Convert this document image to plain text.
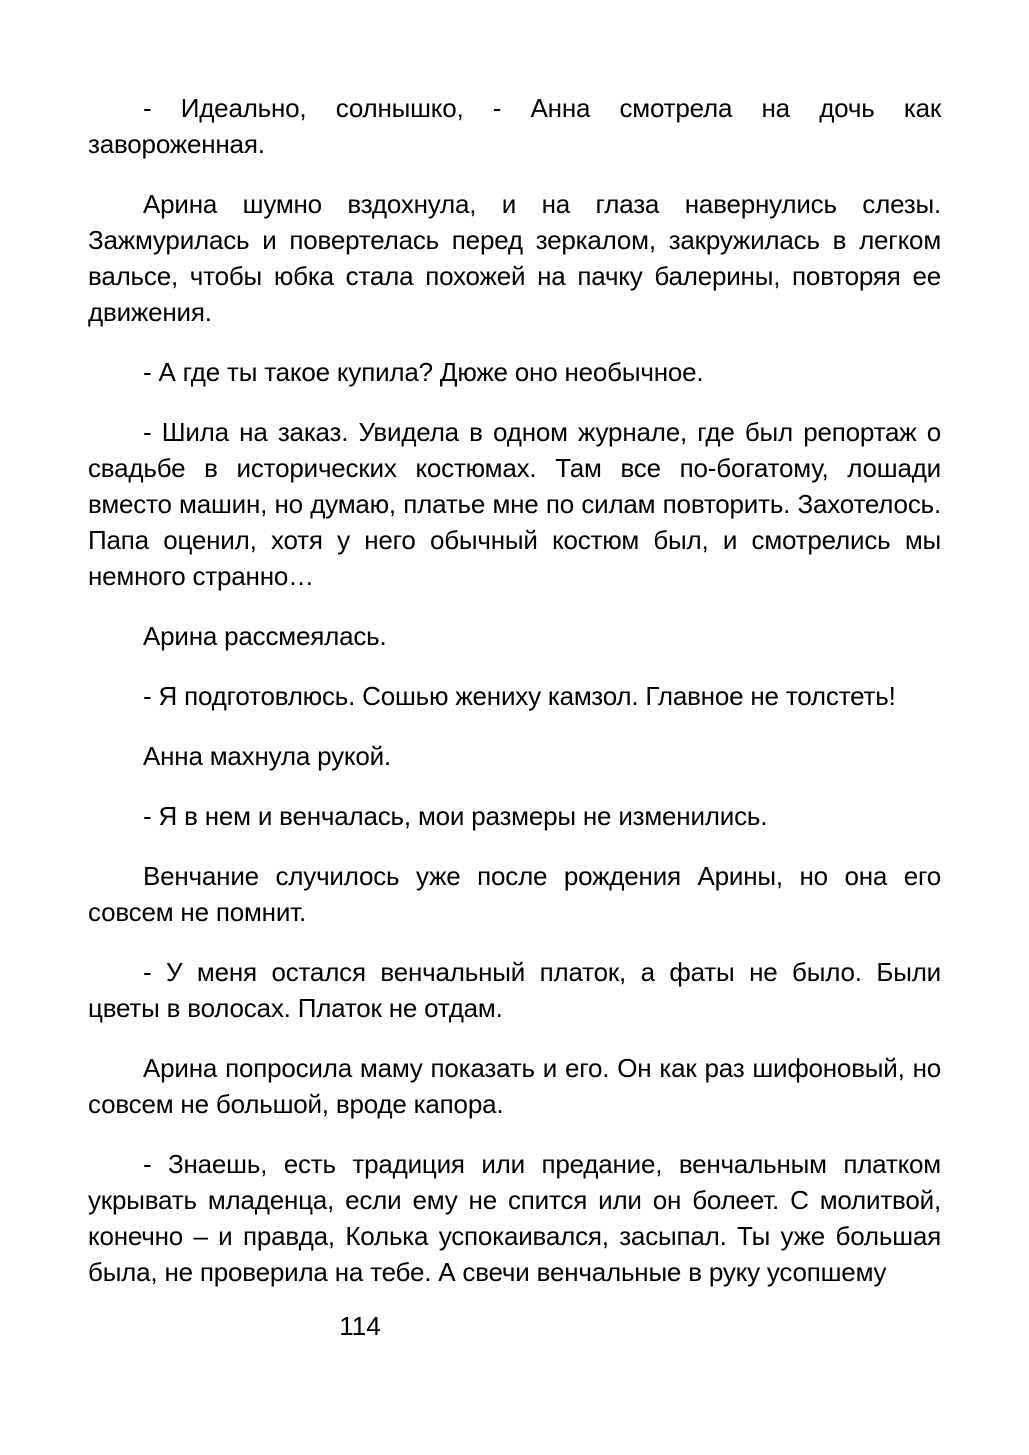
- Идеально, солнышко, - Анна смотрела на дочь как завороженная.

Арина шумно вздохнула, и на глаза навернулись слезы. Зажмурилась и повертелась перед зеркалом, закружилась в легком вальсе, чтобы юбка стала похожей на пачку балерины, повторяя ее движения.

- А где ты такое купила? Дюже оно необычное.

- Шила на заказ. Увидела в одном журнале, где был репортаж о свадьбе в исторических костюмах. Там все по-богатому, лошади вместо машин, но думаю, платье мне по силам повторить. Захотелось. Папа оценил, хотя у него обычный костюм был, и смотрелись мы немного странно…

Арина рассмеялась.

- Я подготовлюсь. Сошью жениху камзол. Главное не толстеть!

Анна махнула рукой.

- Я в нем и венчалась, мои размеры не изменились.

Венчание случилось уже после рождения Арины, но она его совсем не помнит.

- У меня остался венчальный платок, а фаты не было. Были цветы в волосах. Платок не отдам.

Арина попросила маму показать и его. Он как раз шифоновый, но совсем не большой, вроде капора.

- Знаешь, есть традиция или предание, венчальным платком укрывать младенца, если ему не спится или он болеет. С молитвой, конечно – и правда, Колька успокаивался, засыпал. Ты уже большая была, не проверила на тебе. А свечи венчальные в руку усопшему

114
